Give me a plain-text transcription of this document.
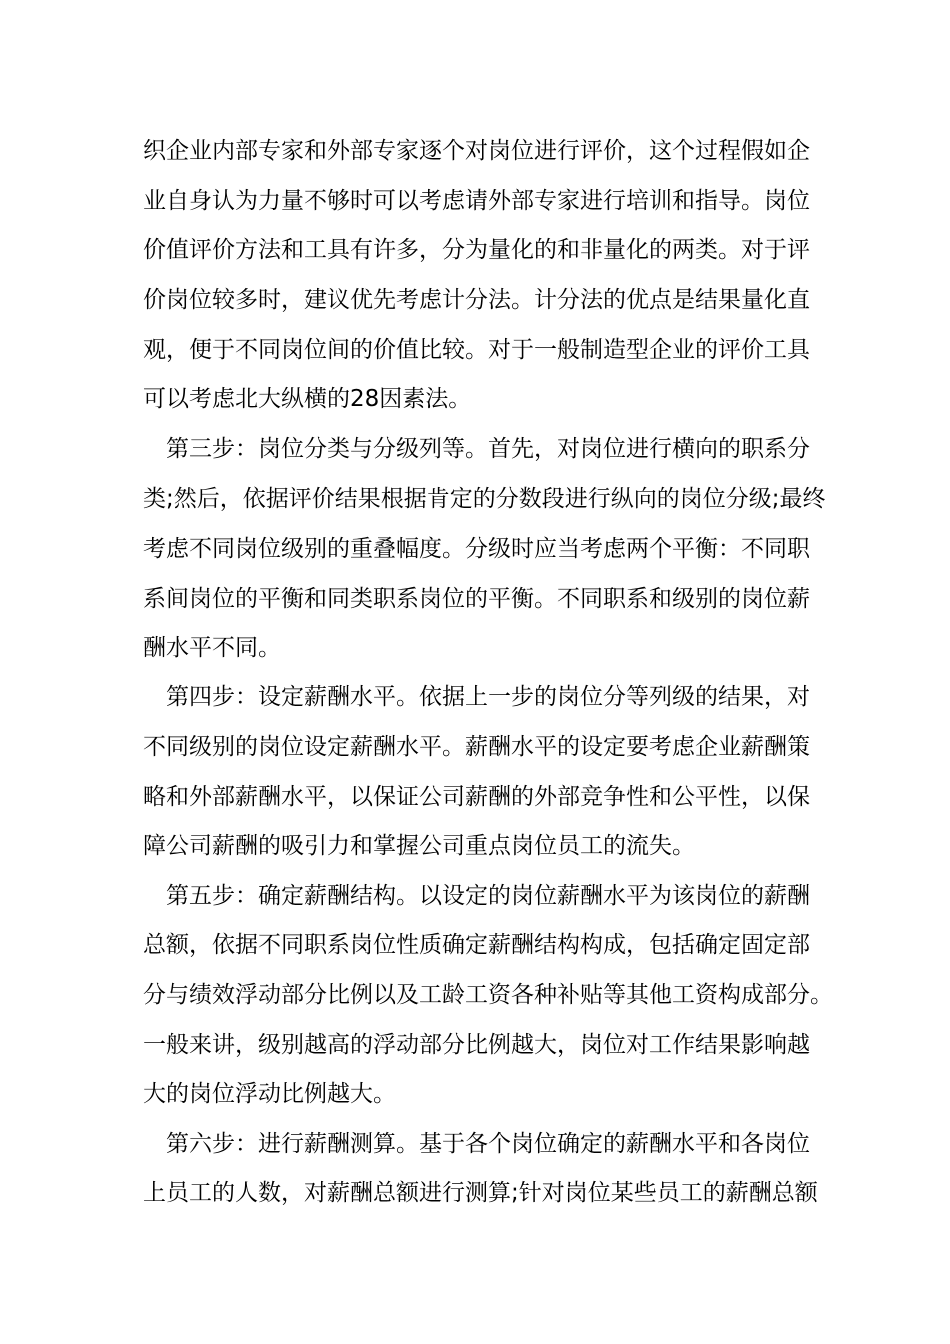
织企业内部专家和外部专家逐个对岗位进行评价，这个过程假如企
业自身认为力量不够时可以考虑请外部专家进行培训和指导。岗位
价值评价方法和工具有许多，分为量化的和非量化的两类。对于评
价岗位较多时，建议优先考虑计分法。计分法的优点是结果量化直
观，便于不同岗位间的价值比较。对于一般制造型企业的评价工具
可以考虑北大纵横的28因素法。
第三步：岗位分类与分级列等。首先，对岗位进行横向的职系分
类;然后，依据评价结果根据肯定的分数段进行纵向的岗位分级;最终
考虑不同岗位级别的重叠幅度。分级时应当考虑两个平衡：不同职
系间岗位的平衡和同类职系岗位的平衡。不同职系和级别的岗位薪
酬水平不同。
第四步：设定薪酬水平。依据上一步的岗位分等列级的结果，对
不同级别的岗位设定薪酬水平。薪酬水平的设定要考虑企业薪酬策
略和外部薪酬水平，以保证公司薪酬的外部竞争性和公平性，以保
障公司薪酬的吸引力和掌握公司重点岗位员工的流失。
第五步：确定薪酬结构。以设定的岗位薪酬水平为该岗位的薪酬
总额，依据不同职系岗位性质确定薪酬结构构成，包括确定固定部
分与绩效浮动部分比例以及工龄工资各种补贴等其他工资构成部分。
一般来讲，级别越高的浮动部分比例越大，岗位对工作结果影响越
大的岗位浮动比例越大。
第六步：进行薪酬测算。基于各个岗位确定的薪酬水平和各岗位
上员工的人数，对薪酬总额进行测算;针对岗位某些员工的薪酬总额
